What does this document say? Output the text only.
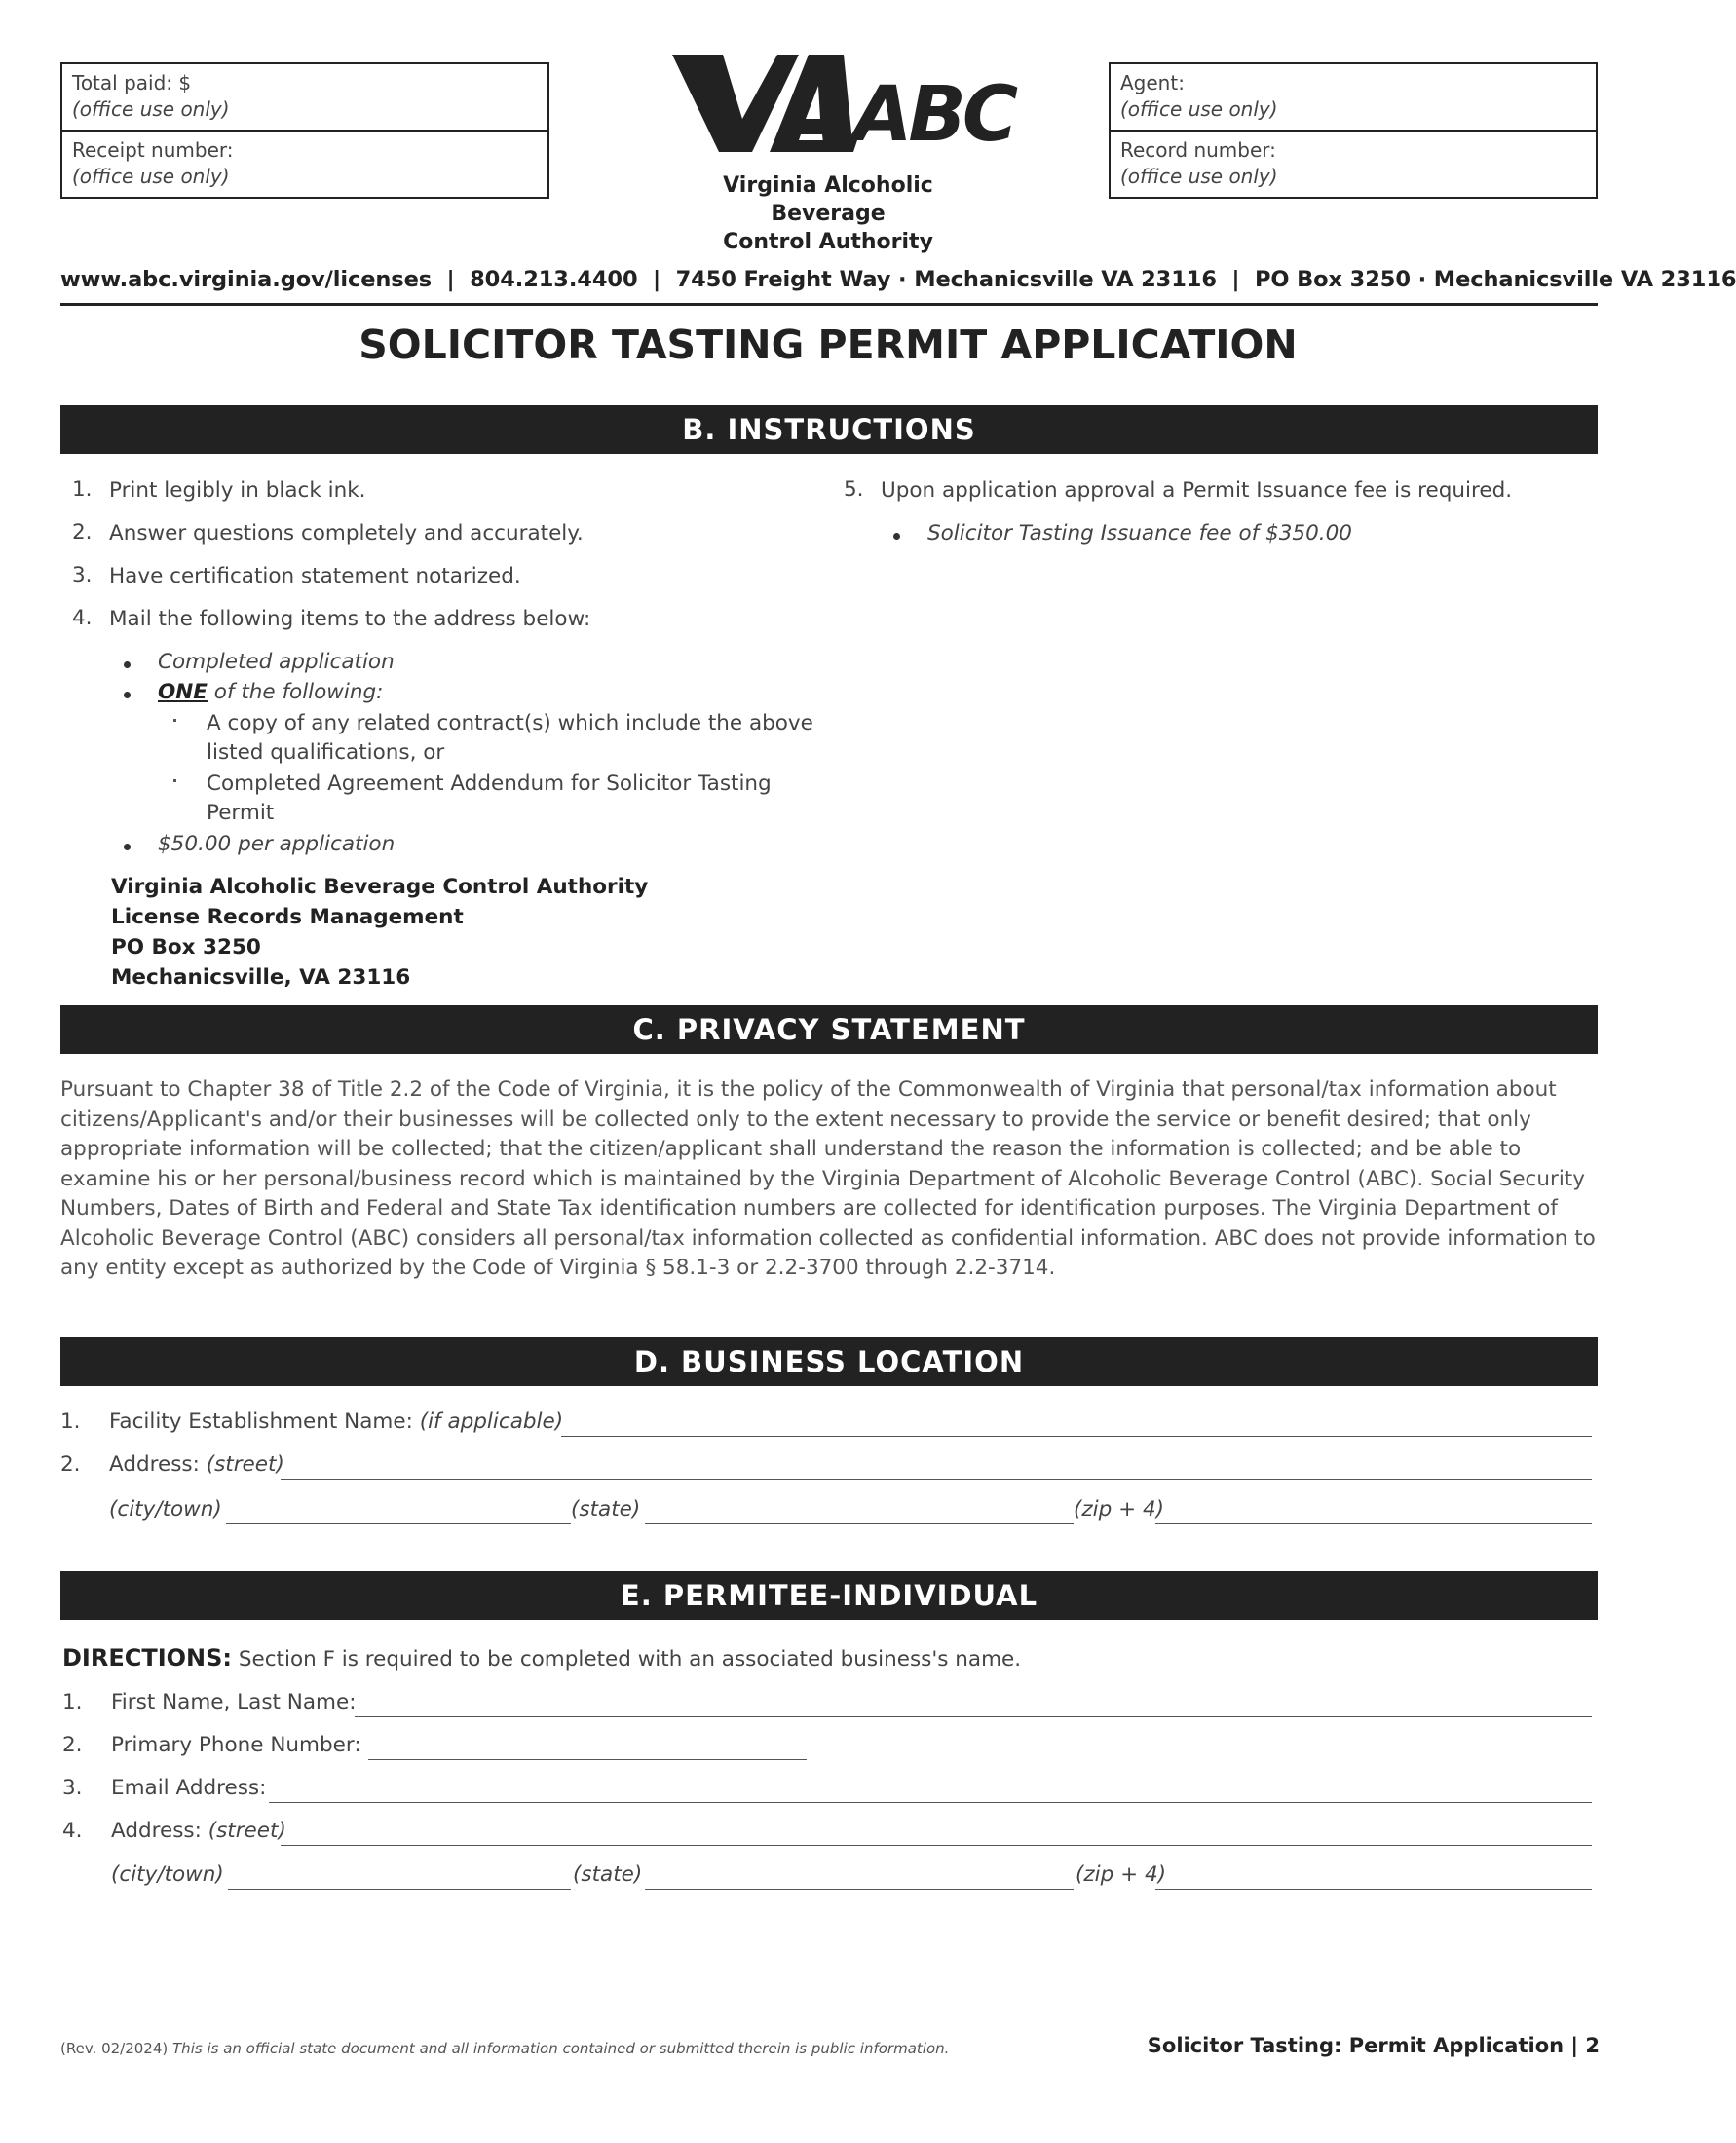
Total paid: $
(office use only)
Receipt number:
(office use only)
ABC
Virginia Alcoholic Beverage
Control Authority
Agent:
(office use only)
Record number:
(office use only)
www.abc.virginia.gov/licenses  |  804.213.4400  |  7450 Freight Way · Mechanicsville VA 23116  |  PO Box 3250 · Mechanicsville VA 23116
SOLICITOR TASTING PERMIT APPLICATION
B. INSTRUCTIONS
1. Print legibly in black ink.
2. Answer questions completely and accurately.
3. Have certification statement notarized.
4. Mail the following items to the address below:
Completed application
ONE of the following:
A copy of any related contract(s) which include the above
listed qualifications, or
Completed Agreement Addendum for Solicitor Tasting
Permit
$50.00 per application
Virginia Alcoholic Beverage Control Authority
License Records Management
PO Box 3250
Mechanicsville, VA 23116
5. Upon application approval a Permit Issuance fee is required.
Solicitor Tasting Issuance fee of $350.00
C. PRIVACY STATEMENT
Pursuant to Chapter 38 of Title 2.2 of the Code of Virginia, it is the policy of the Commonwealth of Virginia that personal/tax information about citizens/Applicant's and/or their businesses will be collected only to the extent necessary to provide the service or benefit desired; that only appropriate information will be collected; that the citizen/applicant shall understand the reason the information is collected; and be able to examine his or her personal/business record which is maintained by the Virginia Department of Alcoholic Beverage Control (ABC). Social Security Numbers, Dates of Birth and Federal and State Tax identification numbers are collected for identification purposes. The Virginia Department of Alcoholic Beverage Control (ABC) considers all personal/tax information collected as confidential information. ABC does not provide information to any entity except as authorized by the Code of Virginia § 58.1-3 or 2.2-3700 through 2.2-3714.
D. BUSINESS LOCATION
1. Facility Establishment Name: (if applicable)
2. Address: (street)
(city/town)	(state)	(zip + 4)
E. PERMITEE-INDIVIDUAL
DIRECTIONS: Section F is required to be completed with an associated business's name.
1. First Name, Last Name:
2. Primary Phone Number:
3. Email Address:
4. Address: (street)
(city/town)	(state)	(zip + 4)
(Rev. 02/2024) This is an official state document and all information contained or submitted therein is public information.	Solicitor Tasting: Permit Application | 2
